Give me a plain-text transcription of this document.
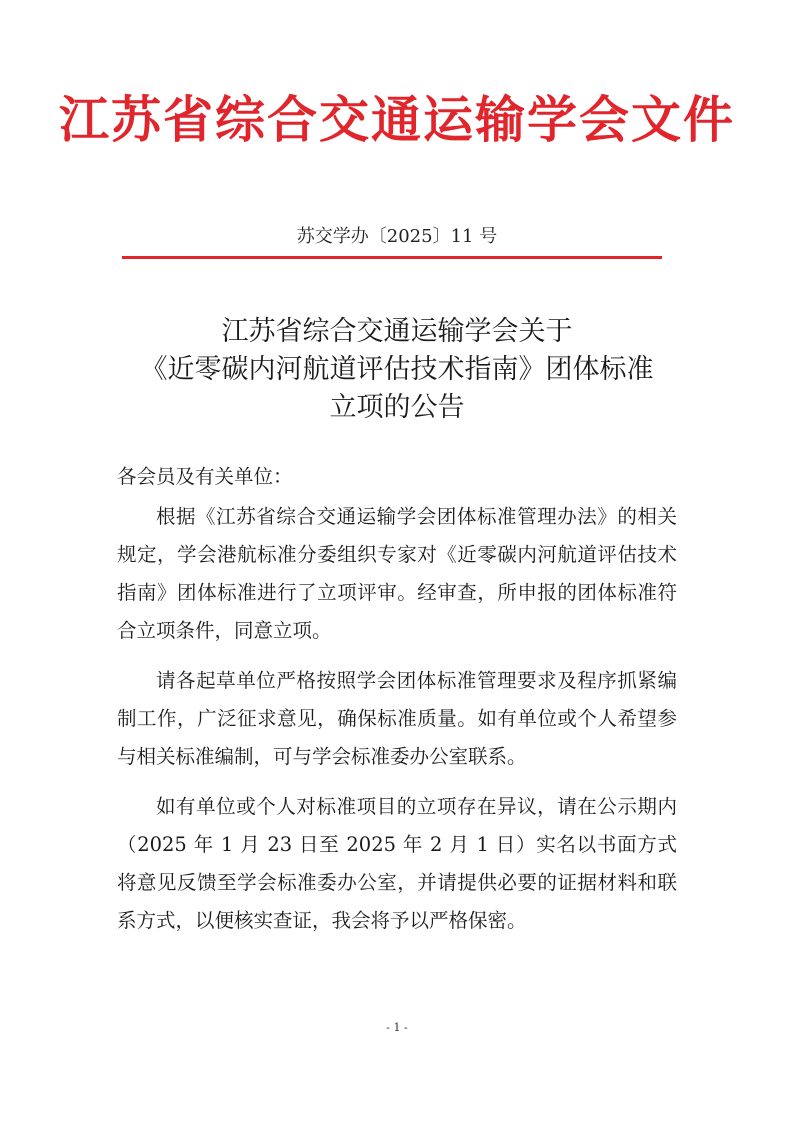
江苏省综合交通运输学会文件
苏交学办〔2025〕11 号
江苏省综合交通运输学会关于
《近零碳内河航道评估技术指南》团体标准
立项的公告

各会员及有关单位：

根据《江苏省综合交通运输学会团体标准管理办法》的相关规定，学会港航标准分委组织专家对《近零碳内河航道评估技术指南》团体标准进行了立项评审。经审查，所申报的团体标准符合立项条件，同意立项。

请各起草单位严格按照学会团体标准管理要求及程序抓紧编制工作，广泛征求意见，确保标准质量。如有单位或个人希望参与相关标准编制，可与学会标准委办公室联系。

如有单位或个人对标准项目的立项存在异议，请在公示期内（2025 年 1 月 23 日至 2025 年 2 月 1 日）实名以书面方式将意见反馈至学会标准委办公室，并请提供必要的证据材料和联系方式，以便核实查证，我会将予以严格保密。

- 1 -
